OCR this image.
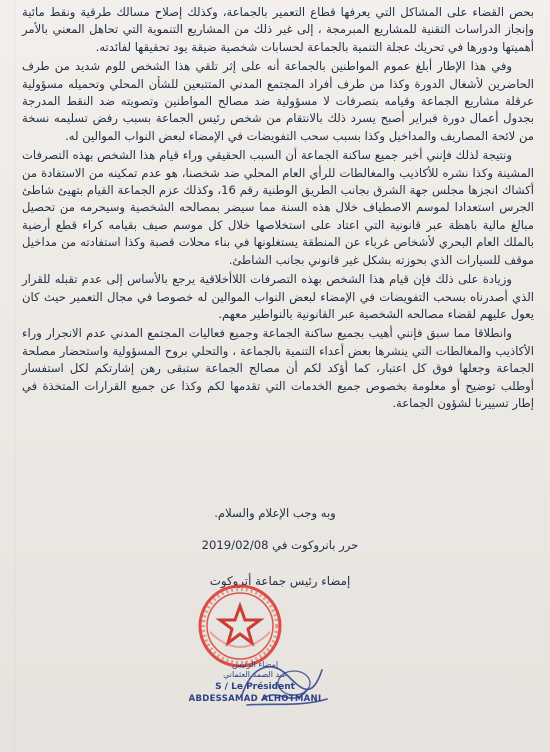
بحص القضاء على المشاكل التي يعرفها قطاع التعمير بالجماعة، وكذلك إصلاح مسالك طرقية ونقط مائية وإنجاز الدراسات التقنية للمشاريع المبرمجة ، إلى غير ذلك من المشاريع التنموية التي تحاهل المعني بالأمر أهميتها ودورها في تحريك عجلة التنمية بالجماعة لحسابات شخصية ضيقة يود تحقيقها لفائدته.

وفي هذا الإطار أبلغ عموم المواطنين بالجماعة أنه على إثر تلقي هذا الشخص للوم شديد من طرف الحاضرين لأشغال الدورة وكذا من طرف أفراد المجتمع المدني المتتبعين للشأن المحلي وتحميله مسؤولية عرقلة مشاريع الجماعة وقيامه بتصرفات لا مسؤولية ضد مصالح المواطنين وتصويته ضد النقط المدرجة بجدول أعمال دورة فبراير أصبح يسرد ذلك بالانتقام من شخص رئيس الجماعة بسبب رفض تسليمه نسخة من لائحة المصاريف والمداخيل وكذا بسبب سحب التفويضات في الإمضاء لبعض النواب الموالين له.

ونتيجة لذلك فإنني أخبر جميع ساكنة الجماعة أن السبب الحقيقي وراء قيام هذا الشخص بهذه التصرفات المشينة وكذا نشره للأكاذيب والمغالطات للرأي العام المحلي ضد شخصنا، هو عدم تمكينه من الاستفادة من أكشاك انجزها مجلس جهة الشرق بجانب الطريق الوطنية رقم 16، وكذلك عزم الجماعة القيام بتهيئ شاطئ الجرس استعدادا لموسم الاصطياف خلال هذه السنة مما سيضر بمصالحه الشخصية وسيحرمه من تحصيل مبالغ مالية باهظة عبر قانونية التي اعتاد على استخلاصها خلال كل موسم صيف بقيامه كراء قطع أرضية بالملك العام البحري لأشخاص غرباء عن المنطقة يستغلونها في بناء محلات قصبة وكذا استفادته من مداخيل موقف للسيارات الذي بحوزته بشكل غير قانوني بجانب الشاطئ.

وزيادة على ذلك فإن قيام هذا الشخص بهذه التصرفات اللاأخلاقية يرجع بالأساس إلى عدم تقبله للقرار الذي أصدرناه بسحب التفويضات في الإمضاء لبعض النواب الموالين له خصوصا في مجال التعمير حيث كان يعول عليهم لقضاء مصالحه الشخصية عبر القانونية بالنواطير معهم.

وانطلاقا مما سبق فإنني أهيب بجميع ساكنة الجماعة وجميع فعاليات المجتمع المدني عدم الانجرار وراء الأكاذيب والمغالطات التي ينشرها بعض أعداء التنمية بالجماعة ، والتحلي بروح المسؤولية واستحضار مصلحة الجماعة وجعلها فوق كل اعتبار، كما أؤكد لكم أن مصالح الجماعة ستبقى رهن إشارتكم لكل استفسار أوطلب توضيح أو معلومة بخصوص جميع الخدمات التي تقدمها لكم وكذا عن جميع القرارات المتخذة في إطار تسييرنا لشؤون الجماعة.

وبه وجب الإعلام والسلام.
حرر بانروكوت في 2019/02/08
إمضاء رئيس جماعة أتروكوت
إمضاء الرئيس
عبد الصمد العثماني
S / Le Président
ABDESSAMAD ALHOTMANI
